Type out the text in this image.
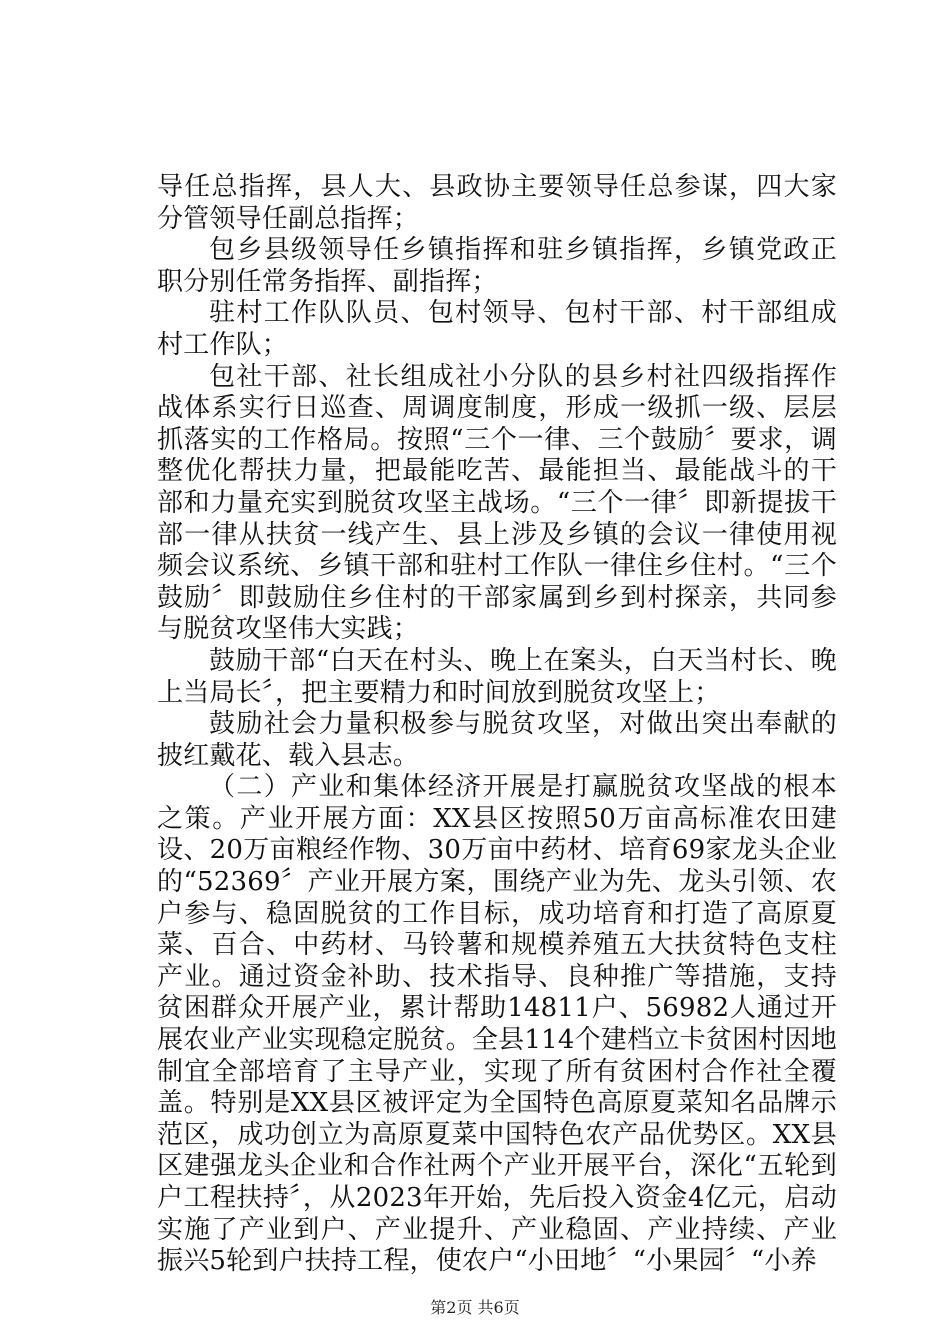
导任总指挥，县人大、县政协主要领导任总参谋，四大家分管领导任副总指挥；

包乡县级领导任乡镇指挥和驻乡镇指挥，乡镇党政正职分别任常务指挥、副指挥；

驻村工作队队员、包村领导、包村干部、村干部组成村工作队；

包社干部、社长组成社小分队的县乡村社四级指挥作战体系实行日巡查、周调度制度，形成一级抓一级、层层抓落实的工作格局。按照“三个一律、三个鼓励〞要求，调整优化帮扶力量，把最能吃苦、最能担当、最能战斗的干部和力量充实到脱贫攻坚主战场。“三个一律〞即新提拔干部一律从扶贫一线产生、县上涉及乡镇的会议一律使用视频会议系统、乡镇干部和驻村工作队一律住乡住村。“三个鼓励〞即鼓励住乡住村的干部家属到乡到村探亲，共同参与脱贫攻坚伟大实践；

鼓励干部“白天在村头、晚上在案头，白天当村长、晚上当局长〞，把主要精力和时间放到脱贫攻坚上；

鼓励社会力量积极参与脱贫攻坚，对做出突出奉献的披红戴花、载入县志。

（二）产业和集体经济开展是打赢脱贫攻坚战的根本之策。产业开展方面：XX县区按照50万亩高标准农田建设、20万亩粮经作物、30万亩中药材、培育69家龙头企业的“52369〞产业开展方案，围绕产业为先、龙头引领、农户参与、稳固脱贫的工作目标，成功培育和打造了高原夏菜、百合、中药材、马铃薯和规模养殖五大扶贫特色支柱产业。通过资金补助、技术指导、良种推广等措施，支持贫困群众开展产业，累计帮助14811户、56982人通过开展农业产业实现稳定脱贫。全县114个建档立卡贫困村因地制宜全部培育了主导产业，实现了所有贫困村合作社全覆盖。特别是XX县区被评定为全国特色高原夏菜知名品牌示范区，成功创立为高原夏菜中国特色农产品优势区。XX县区建强龙头企业和合作社两个产业开展平台，深化“五轮到户工程扶持〞，从2023年开始，先后投入资金4亿元，启动实施了产业到户、产业提升、产业稳固、产业持续、产业振兴5轮到户扶持工程，使农户“小田地〞“小果园〞“小养

第2页 共6页
